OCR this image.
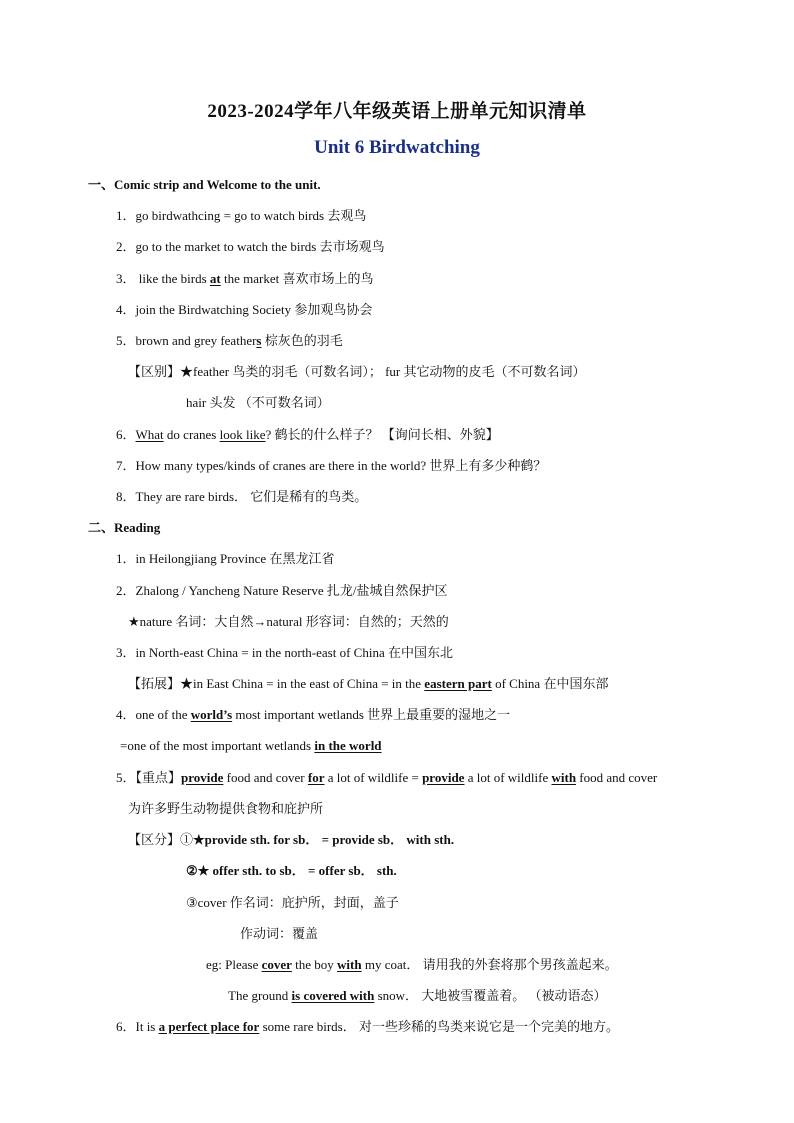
2023-2024学年八年级英语上册单元知识清单
Unit 6 Birdwatching
一、Comic strip and Welcome to the unit.
1．go birdwathcing = go to watch birds 去观鸟
2．go to the market to watch the birds 去市场观鸟
3． like the birds at the market 喜欢市场上的鸟
4．join the Birdwatching Society 参加观鸟协会
5．brown and grey feathers 棕灰色的羽毛
【区别】★feather 鸟类的羽毛（可数名词）； fur 其它动物的皮毛（不可数名词）
hair 头发 （不可数名词）
6．What do cranes look like? 鹤长的什么样子？ 【询问长相、外貌】
7．How many types/kinds of cranes are there in the world? 世界上有多少种鹤？
8．They are rare birds． 它们是稀有的鸟类。
二、Reading
1．in Heilongjiang Province 在黑龙江省
2．Zhalong / Yancheng Nature Reserve 扎龙/盐城自然保护区
★nature 名词：大自然→natural 形容词：自然的；天然的
3．in North-east China = in the north-east of China 在中国东北
【拓展】★in East China = in the east of China = in the eastern part of China 在中国东部
4．one of the world’s most important wetlands 世界上最重要的湿地之一
=one of the most important wetlands in the world
5．【重点】provide food and cover for a lot of wildlife = provide a lot of wildlife with food and cover
为许多野生动物提供食物和庇护所
【区分】①★provide sth. for sb． = provide sb． with sth.
②★ offer sth. to sb． = offer sb． sth.
③cover 作名词：庇护所，封面，盖子
作动词：覆盖
eg: Please cover the boy with my coat． 请用我的外套将那个男孩盖起来。
The ground is covered with snow． 大地被雪覆盖着。 （被动语态）
6．It is a perfect place for some rare birds． 对一些珍稀的鸟类来说它是一个完美的地方。
